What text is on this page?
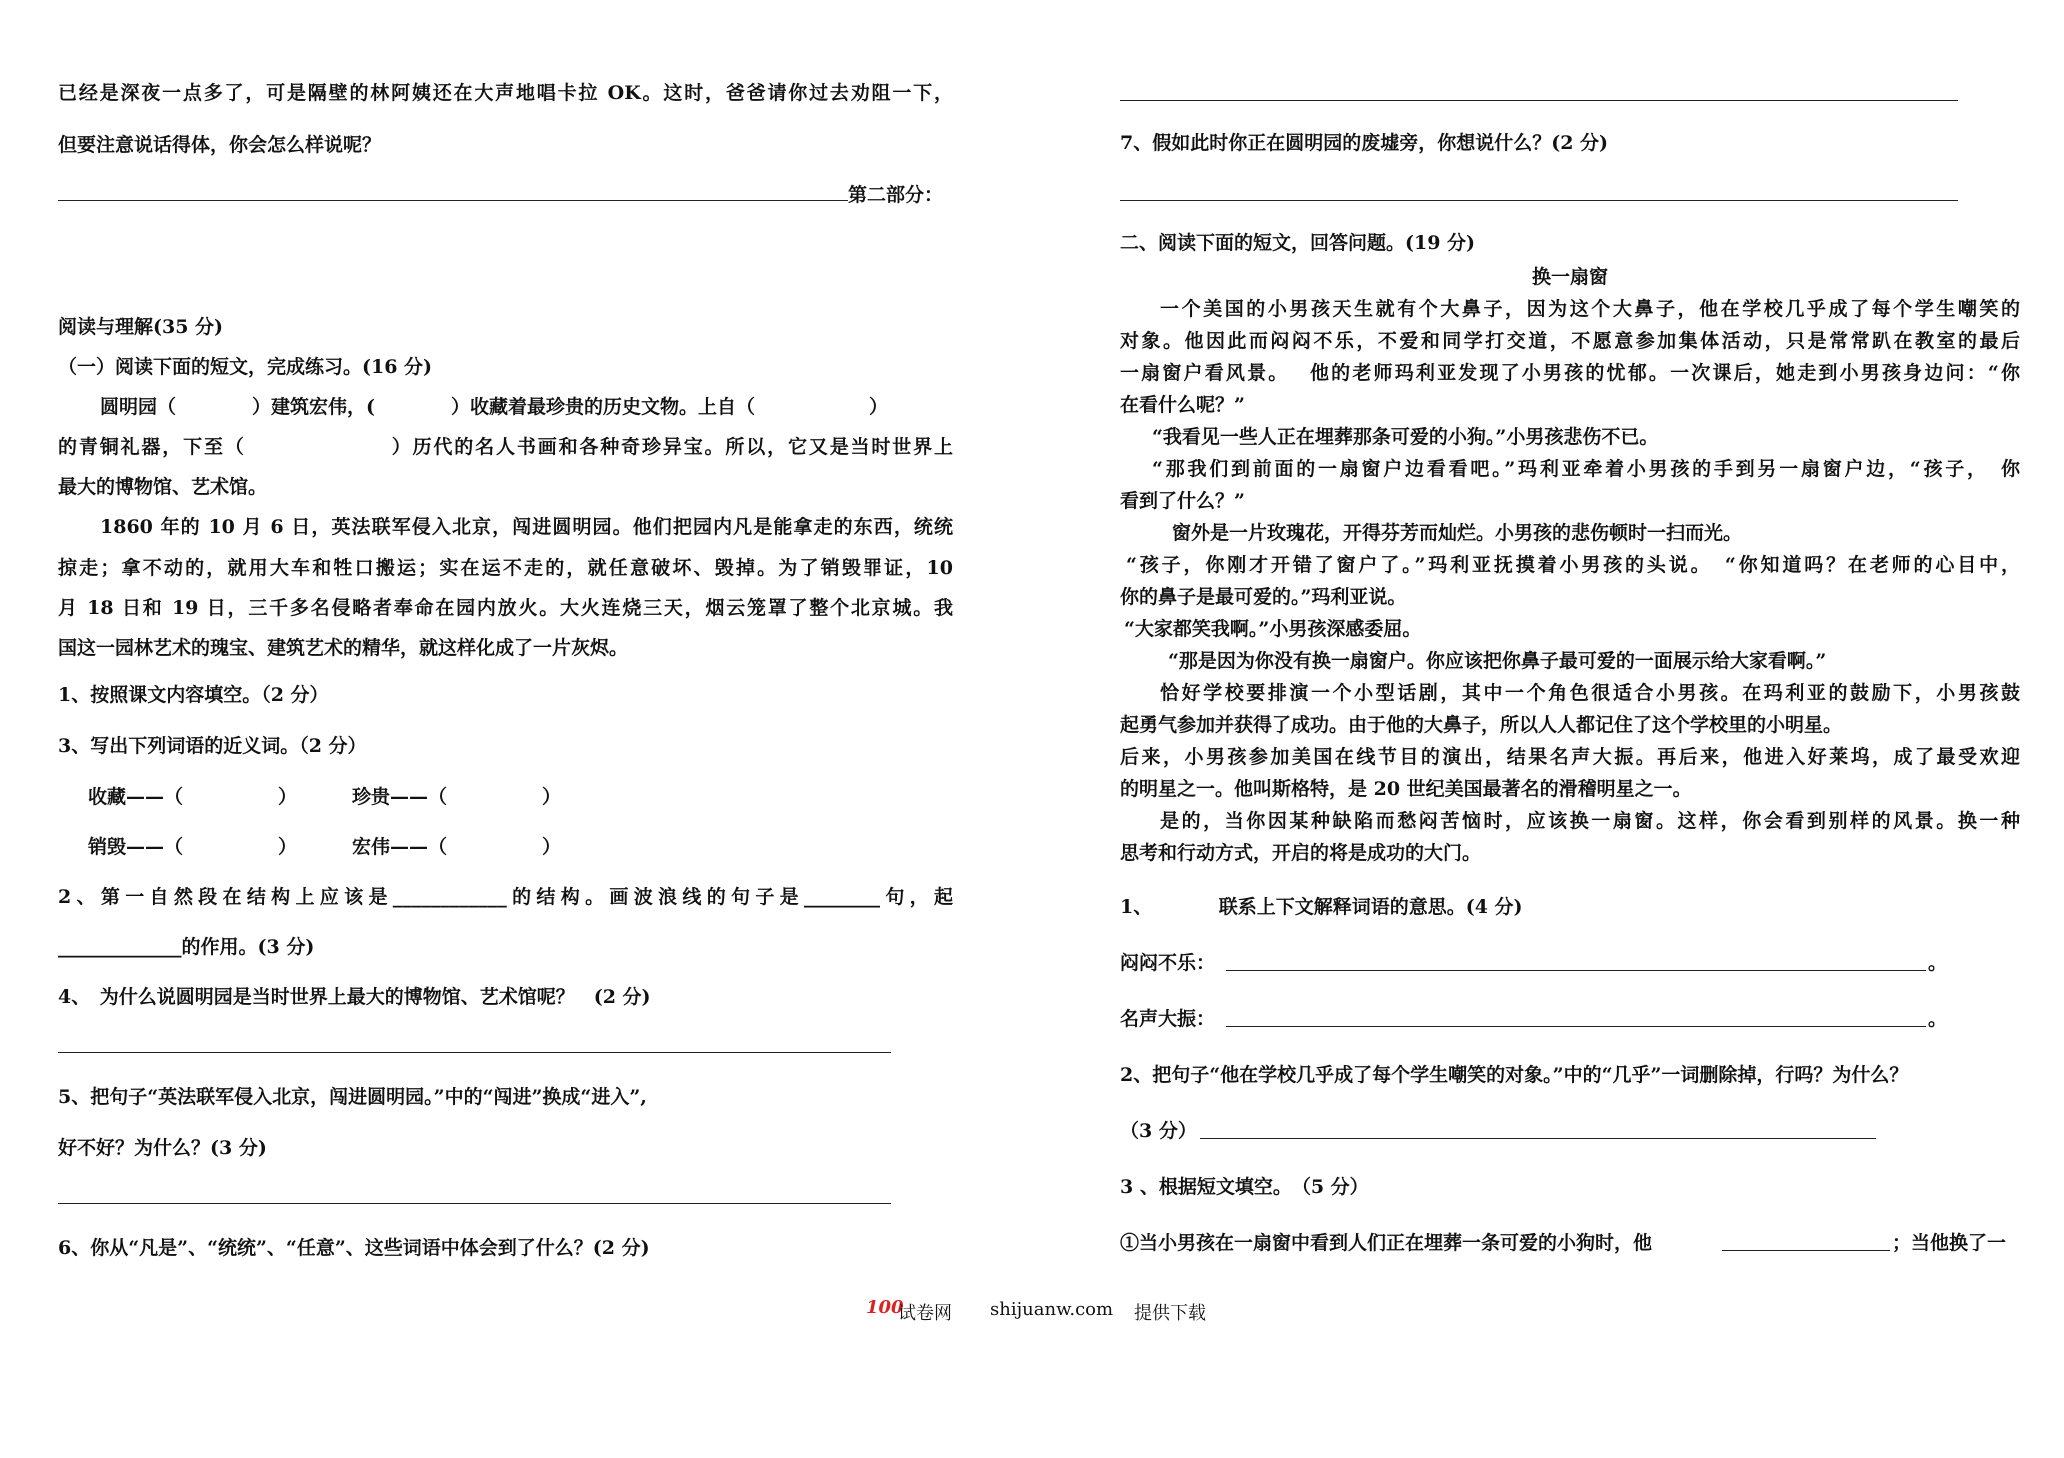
已经是深夜一点多了，可是隔壁的林阿姨还在大声地唱卡拉 OK。这时，爸爸请你过去劝阻一下，
但要注意说话得体，你会怎么样说呢？
第二部分：
阅读与理解(35 分)
（一）阅读下面的短文，完成练习。(16 分)
圆明园（　　　　）建筑宏伟，(　　　　）收藏着最珍贵的历史文物。上自（　　　　　　）
的青铜礼器，下至（　　　　　　　）历代的名人书画和各种奇珍异宝。所以，它又是当时世界上
最大的博物馆、艺术馆。
1860 年的 10 月 6 日，英法联军侵入北京，闯进圆明园。他们把园内凡是能拿走的东西，统统
掠走；拿不动的，就用大车和牲口搬运；实在运不走的，就任意破坏、毁掉。为了销毁罪证，10
月 18 日和 19 日，三千多名侵略者奉命在园内放火。大火连烧三天，烟云笼罩了整个北京城。我
国这一园林艺术的瑰宝、建筑艺术的精华，就这样化成了一片灰烬。
1、按照课文内容填空。（2 分）
3、写出下列词语的近义词。（2 分）
收藏——（　　　　　）	珍贵——（　　　　　）
销毁——（　　　　　）	宏伟——（　　　　　）
2、第一自然段在结构上应该是____________的结构。画波浪线的句子是________句，起
_____________的作用。(3 分)
4、　为什么说圆明园是当时世界上最大的博物馆、艺术馆呢？　(2 分)
5、把句子“英法联军侵入北京，闯进圆明园。”中的“闯进”换成“进入”,
好不好？为什么？(3 分)
6、你从“凡是”、“统统”、“任意”、这些词语中体会到了什么？(2 分)
7、假如此时你正在圆明园的废墟旁，你想说什么？(2 分)
二、阅读下面的短文，回答问题。(19 分)
换一扇窗
一个美国的小男孩天生就有个大鼻子，因为这个大鼻子，他在学校几乎成了每个学生嘲笑的
对象。他因此而闷闷不乐，不爱和同学打交道，不愿意参加集体活动，只是常常趴在教室的最后
一扇窗户看风景。　 他的老师玛利亚发现了小男孩的忧郁。一次课后，她走到小男孩身边问：“你
在看什么呢？”
“我看见一些人正在埋葬那条可爱的小狗。”小男孩悲伤不已。
“那我们到前面的一扇窗户边看看吧。”玛利亚牵着小男孩的手到另一扇窗户边，“孩子，　你
看到了什么？”
窗外是一片玫瑰花，开得芬芳而灿烂。小男孩的悲伤顿时一扫而光。
“孩子，你刚才开错了窗户了。”玛利亚抚摸着小男孩的头说。　“你知道吗？在老师的心目中，
你的鼻子是最可爱的。”玛利亚说。
“大家都笑我啊。”小男孩深感委屈。
“那是因为你没有换一扇窗户。你应该把你鼻子最可爱的一面展示给大家看啊。”
恰好学校要排演一个小型话剧，其中一个角色很适合小男孩。在玛利亚的鼓励下，小男孩鼓
起勇气参加并获得了成功。由于他的大鼻子，所以人人都记住了这个学校里的小明星。
后来，小男孩参加美国在线节目的演出，结果名声大振。再后来，他进入好莱坞，成了最受欢迎
的明星之一。他叫斯格特，是 20 世纪美国最著名的滑稽明星之一。
是的，当你因某种缺陷而愁闷苦恼时，应该换一扇窗。这样，你会看到别样的风景。换一种
思考和行动方式，开启的将是成功的大门。
1、　　　　联系上下文解释词语的意思。(4 分)
闷闷不乐：	。
名声大振：	。
2、把句子“他在学校几乎成了每个学生嘲笑的对象。”中的“几乎”一词删除掉，行吗？为什么？
（3 分）
3 、根据短文填空。　（5 分）
①当小男孩在一扇窗中看到人们正在埋葬一条可爱的小狗时，他	；当他换了一
100
试卷网 shijuanw.com 提供下载
